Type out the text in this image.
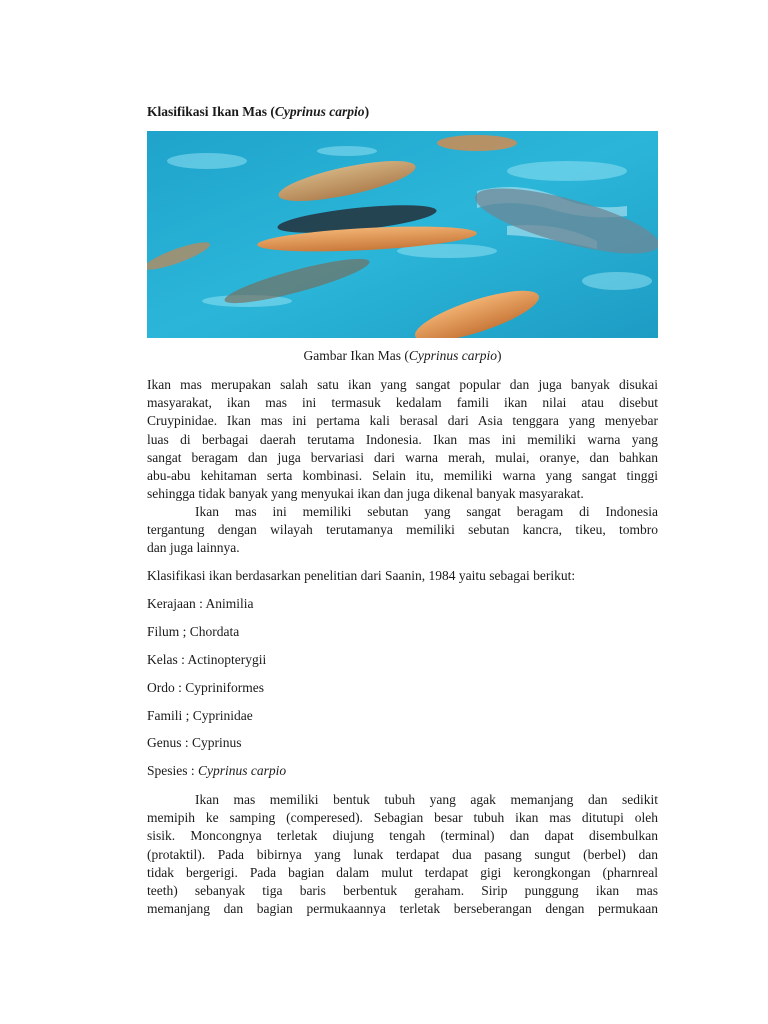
Klasifikasi Ikan Mas (Cyprinus carpio)
Gambar Ikan Mas (Cyprinus carpio)
Ikan mas merupakan salah satu ikan yang sangat popular dan juga banyak disukai
masyarakat, ikan mas ini termasuk kedalam famili ikan nilai atau disebut
Cruypinidae. Ikan mas ini pertama kali berasal dari Asia tenggara yang menyebar
luas di berbagai daerah terutama Indonesia. Ikan mas ini memiliki warna yang
sangat beragam dan juga bervariasi dari warna merah, mulai, oranye, dan bahkan
abu-abu kehitaman serta kombinasi. Selain itu, memiliki warna yang sangat tinggi
sehingga tidak banyak yang menyukai ikan dan juga dikenal banyak masyarakat.
Ikan mas ini memiliki sebutan yang sangat beragam di Indonesia
tergantung dengan wilayah terutamanya memiliki sebutan kancra, tikeu, tombro
dan juga lainnya.
Klasifikasi ikan berdasarkan penelitian dari Saanin, 1984 yaitu sebagai berikut:
Kerajaan : Animilia
Filum ; Chordata
Kelas : Actinopterygii
Ordo : Cypriniformes
Famili ; Cyprinidae
Genus : Cyprinus
Spesies : Cyprinus carpio
Ikan mas memiliki bentuk tubuh yang agak memanjang dan sedikit
memipih ke samping (comperesed). Sebagian besar tubuh ikan mas ditutupi oleh
sisik. Moncongnya terletak diujung tengah (terminal) dan dapat disembulkan
(protaktil). Pada bibirnya yang lunak terdapat dua pasang sungut (berbel) dan
tidak bergerigi. Pada bagian dalam mulut terdapat gigi kerongkongan (pharnreal
teeth) sebanyak tiga baris berbentuk geraham. Sirip punggung ikan mas
memanjang dan bagian permukaannya terletak berseberangan dengan permukaan
